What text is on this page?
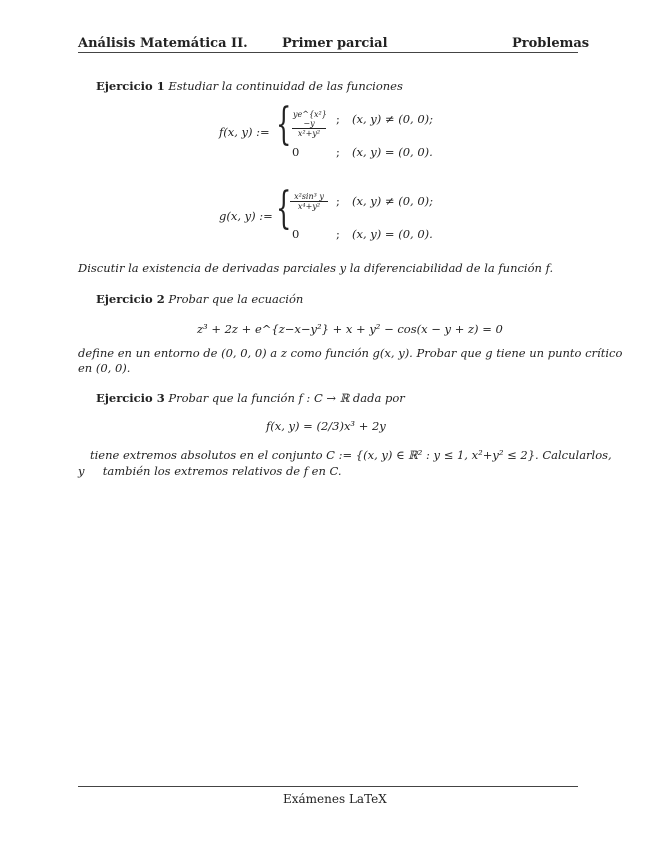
Análisis Matemática II.	Primer parcial	Problemas
Ejercicio 1 Estudiar la continuidad de las funciones
f(x, y) := { $\frac{\text{ye\textasciicircum{}\{x²\}−y}}{\text{x²+y²}}$ ; (x, y) ≠ (0, 0);
0	; (x, y) = (0, 0).
g(x, y) := {
$\frac{\text{x²sin³ y}}{\text{x⁴+y²}}$ ; (x, y) ≠ (0, 0);
0	; (x, y) = (0, 0).
Discutir la existencia de derivadas parciales y la diferenciabilidad de la función f.
Ejercicio 2 Probar que la ecuación
z³ + 2z + e^{z−x−y²} + x + y² − cos(x − y + z) = 0
define en un entorno de (0, 0, 0) a z como función g(x, y). Probar que g tiene un punto crítico
en (0, 0).
Ejercicio 3 Probar que la función f : C → ℝ dada por
f(x, y) = (2/3)x³ + 2y
tiene extremos absolutos en el conjunto C := {(x, y) ∈ ℝ² : y ≤ 1, x²+y² ≤ 2}. Calcularlos,
y     también los extremos relativos de f en C.
Exámenes LaTeX
